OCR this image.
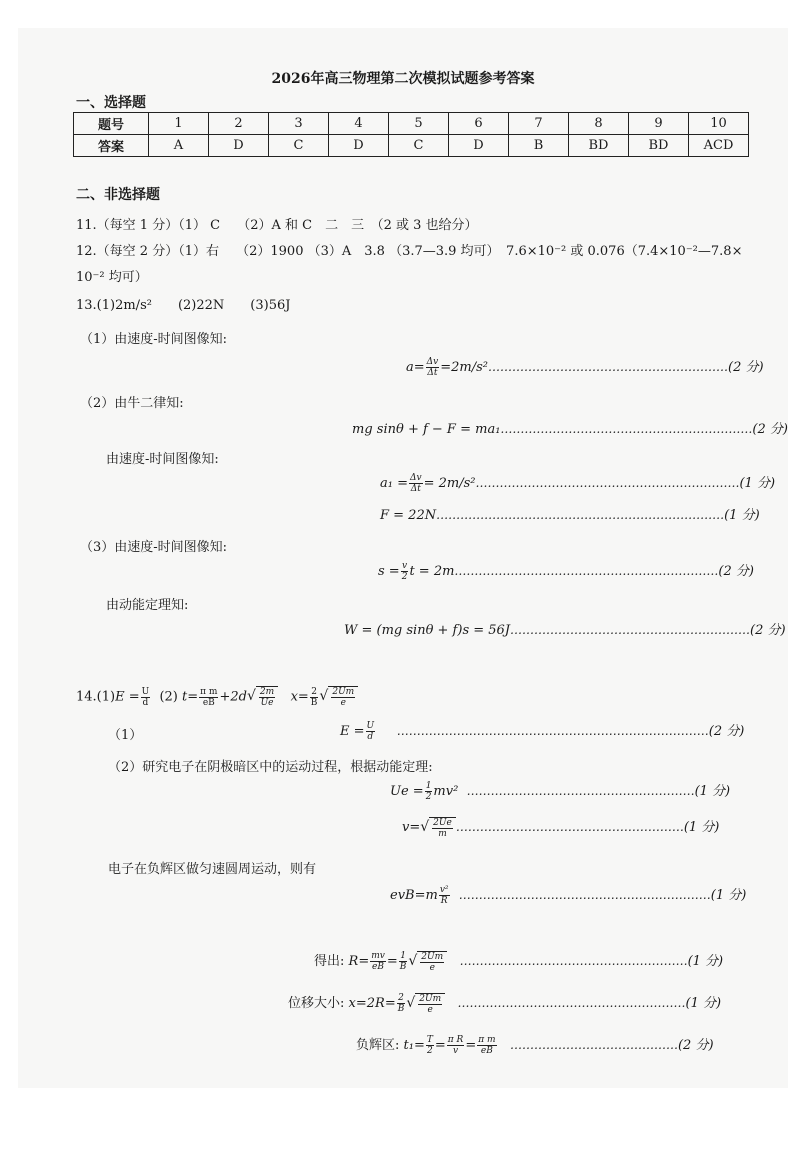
2026年高三物理第二次模拟试题参考答案
一、选择题
题号	1	2	3	4	5	6	7	8	9	10
答案	A	D	C	D	C	D	B	BD	BD	ACD
二、非选择题
11.（每空 1 分）（1） C　 （2）A 和 C　二　三　（2 或 3 也给分）
12.（每空 2 分）（1）右　 （2）1900 （3）A　3.8 （3.7—3.9 均可）　7.6×10⁻² 或 0.076（7.4×10⁻²—7.8×
10⁻² 均可）
13.(1)2m/s²　　(2)22N　　(3)56J
（1）由速度-时间图像知:
$a= \frac{\Delta v}{\Delta t}$ =2m/s²……………………………………………………(2 分)
（2）由牛二律知:
mg sinθ + f − F = ma₁………………………………………………………(2 分)
由速度-时间图像知:
$a_1 = \frac{\Delta v}{\Delta t}$ = 2m/s²…………………………………………………………(1 分)
F = 22N………………………………………………………………(1 分)
（3）由速度-时间图像知:
$s = \frac{v}{2}$ t = 2m…………………………………………………………(2 分)
由动能定理知:
W = (mg sinθ + f)s = 56J……………………………………………………(2 分)
$14.(1)E = \frac{U}{d} (2)$ $t= \frac{\text{π m}}{eB} +2d√ \frac{2m}{Ue} x= \frac{2}{B}$ √ $\frac{2Um}{e}$
（1）	$E = \frac{U}{d}$ ……………………………………………………………………(2 分)
（2）研究电子在阴极暗区中的运动过程，根据动能定理:
$Ue = \frac{1}{2} mv^2$ …………………………………………………(1 分)
$v=√ \frac{2Ue}{m}$ …………………………………………………(1 分)
电子在负辉区做匀速圆周运动，则有
$evB=m \frac{\text{v²}}{R}$ ………………………………………………………(1 分)
得出: $R= \frac{mv}{eB} = \frac{1}{B}$ √ $\frac{2Um}{e}$ …………………………………………………(1 分)
位移大小: $x=2R= \frac{2}{B}$ √ $\frac{2Um}{e}$ …………………………………………………(1 分)
负辉区: $t_1= \frac{T}{2} = \frac{\text{π R}}{v} = \frac{\text{π m}}{eB}$ ……………………………………(2 分)
